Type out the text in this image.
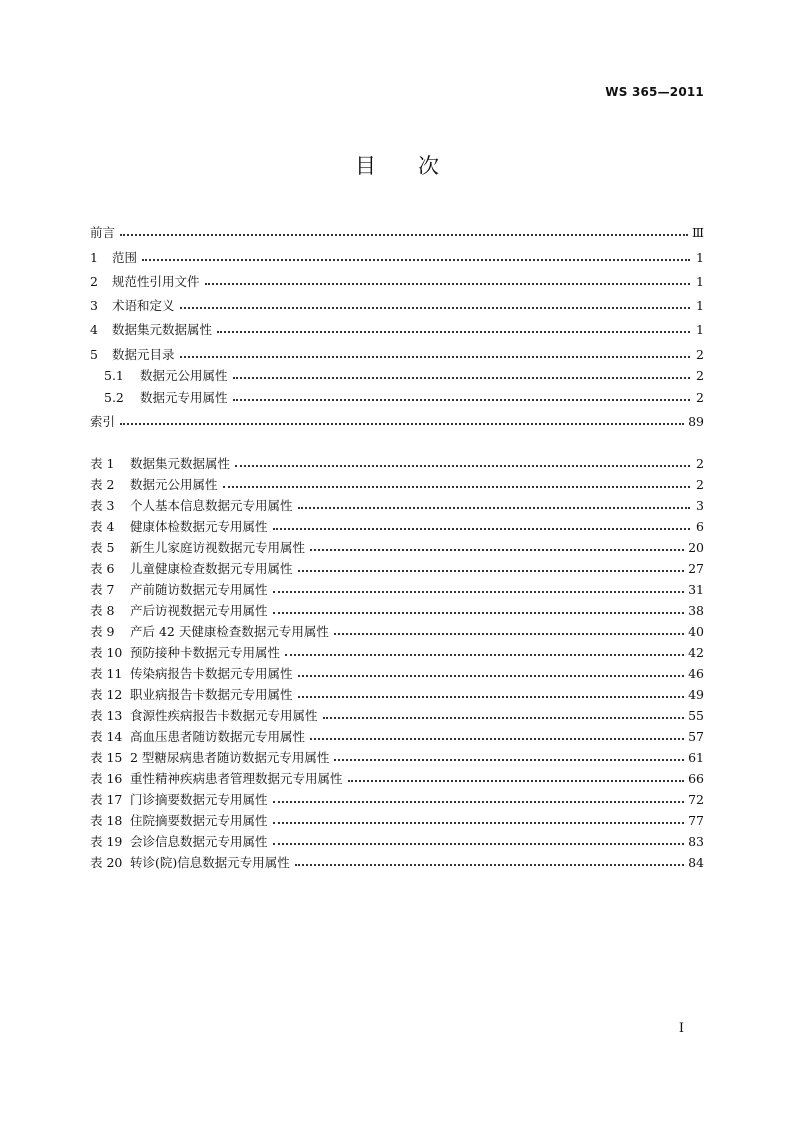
WS 365—2011
目次
前言	Ⅲ
1 范围	1
2 规范性引用文件	1
3 术语和定义	1
4 数据集元数据属性	1
5 数据元目录	2
5.1 数据元公用属性	2
5.2 数据元专用属性	2
索引	89
表 1 数据集元数据属性	2
表 2 数据元公用属性	2
表 3 个人基本信息数据元专用属性	3
表 4 健康体检数据元专用属性	6
表 5 新生儿家庭访视数据元专用属性	20
表 6 儿童健康检查数据元专用属性	27
表 7 产前随访数据元专用属性	31
表 8 产后访视数据元专用属性	38
表 9 产后 42 天健康检查数据元专用属性	40
表 10 预防接种卡数据元专用属性	42
表 11 传染病报告卡数据元专用属性	46
表 12 职业病报告卡数据元专用属性	49
表 13 食源性疾病报告卡数据元专用属性	55
表 14 高血压患者随访数据元专用属性	57
表 15 2 型糖尿病患者随访数据元专用属性	61
表 16 重性精神疾病患者管理数据元专用属性	66
表 17 门诊摘要数据元专用属性	72
表 18 住院摘要数据元专用属性	77
表 19 会诊信息数据元专用属性	83
表 20 转诊(院)信息数据元专用属性	84
I
